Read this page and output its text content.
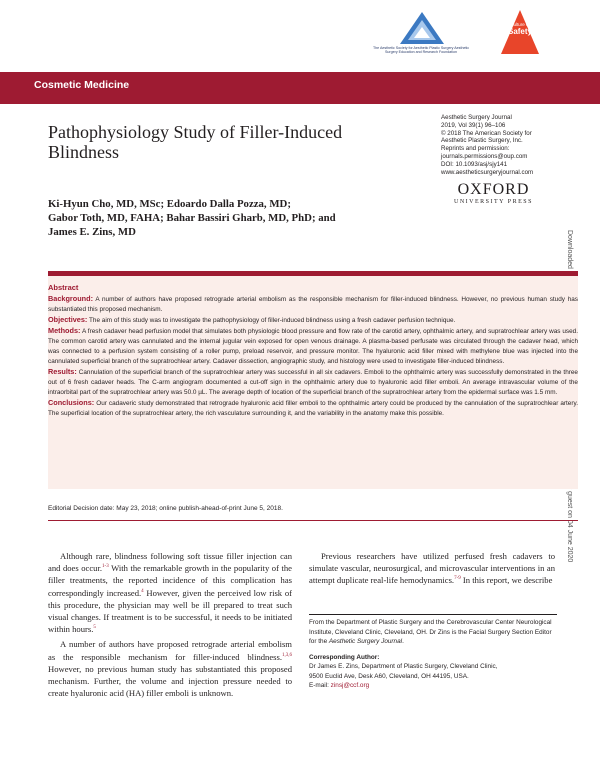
The Aesthetic Society for Aesthetic Plastic Surgery Aesthetic Surgery Education and Research Foundation
Culture of
Safety
Cosmetic Medicine
Pathophysiology Study of Filler-Induced Blindness
Aesthetic Surgery Journal
2019, Vol 39(1) 96–106
© 2018 The American Society for
Aesthetic Plastic Surgery, Inc.
Reprints and permission:
journals.permissions@oup.com
DOI: 10.1093/asj/sjy141
www.aestheticsurgeryjournal.com
OXFORD
UNIVERSITY PRESS
Ki-Hyun Cho, MD, MSc; Edoardo Dalla Pozza, MD;
Gabor Toth, MD, FAHA; Bahar Bassiri Gharb, MD, PhD; and
James E. Zins, MD
Abstract

Background: A number of authors have proposed retrograde arterial embolism as the responsible mechanism for filler-induced blindness. However, no previous human study has substantiated this proposed mechanism.

Objectives: The aim of this study was to investigate the pathophysiology of filler-induced blindness using a fresh cadaver perfusion technique.

Methods: A fresh cadaver head perfusion model that simulates both physiologic blood pressure and flow rate of the carotid artery, ophthalmic artery, and supratrochlear artery was used. The common carotid artery was cannulated and the internal jugular vein exposed for open venous drainage. A plasma-based perfusate was circulated through the cadaver head, which was connected to a perfusion system consisting of a roller pump, preload reservoir, and pressure monitor. The hyaluronic acid filler mixed with methylene blue was injected into the cannulated superficial branch of the supratrochlear artery. Cadaver dissection, angiographic study, and histology were used to investigate filler-induced blindness.

Results: Cannulation of the superficial branch of the supratrochlear artery was successful in all six cadavers. Emboli to the ophthalmic artery was successfully demonstrated in the three out of 6 fresh cadaver heads. The C-arm angiogram documented a cut-off sign in the ophthalmic artery due to hyaluronic acid filler emboli. An average intravascular volume of the intraorbital part of the supratrochlear artery was 50.0 µL. The average depth of location of the superficial branch of the supratrochlear artery from the epidermal surface was 1.5 mm.

Conclusions: Our cadaveric study demonstrated that retrograde hyaluronic acid filler emboli to the ophthalmic artery could be produced by the cannulation of the supratrochlear artery. The superficial location of the supratrochlear artery, the rich vasculature surrounding it, and the variability in the anatomy make this possible.

Editorial Decision date: May 23, 2018; online publish-ahead-of-print June 5, 2018.

Although rare, blindness following soft tissue filler injection can and does occur.$^{1-3}$ With the remarkable growth in the popularity of the filler treatments, the reported incidence of this complication has correspondingly increased.$^4$ However, given the perceived low risk of this procedure, the physician may well be ill prepared to treat such visual changes. If treatment is to be successful, it needs to be initiated within hours.$^5$

A number of authors have proposed retrograde arterial embolism as the responsible mechanism for filler-induced blindness.$^{1,3,6}$ However, no previous human study has substantiated this proposed mechanism. Further, the volume and injection pressure needed to create hyaluronic acid (HA) filler emboli is unknown.

Previous researchers have utilized perfused fresh cadavers to simulate vascular, neurosurgical, and microvascular interventions in an attempt duplicate real-life hemodynamics.$^{7-9}$ In this report, we describe
From the Department of Plastic Surgery and the Cerebrovascular Center Neurological Institute, Cleveland Clinic, Cleveland, OH. Dr Zins is the Facial Surgery Section Editor for the Aesthetic Surgery Journal.
Corresponding Author:
Dr James E. Zins, Department of Plastic Surgery, Cleveland Clinic,
9500 Euclid Ave, Desk A60, Cleveland, OH 44195, USA.
E-mail: zinsj@ccf.org
